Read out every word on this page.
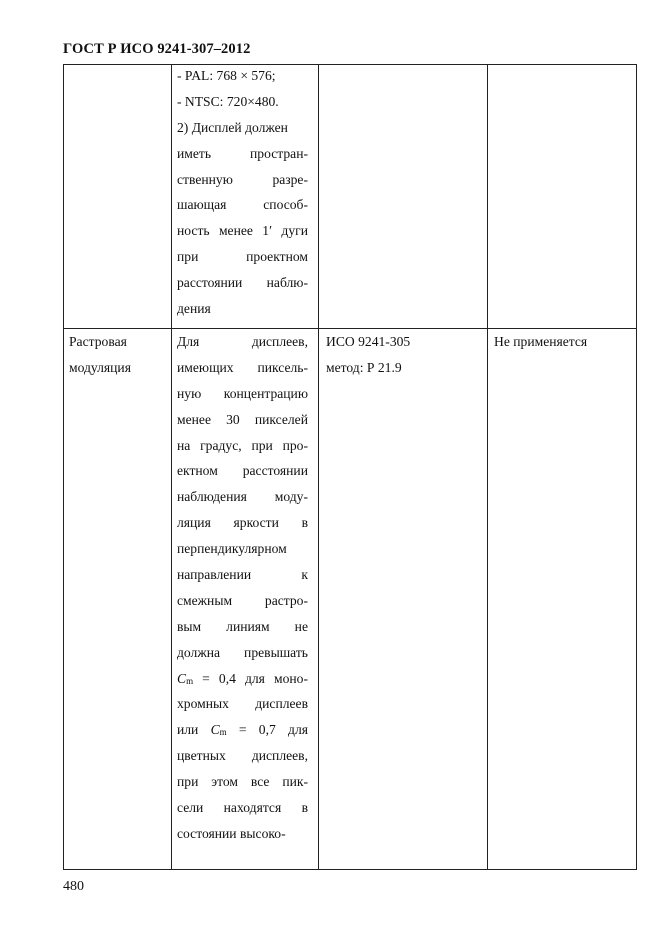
ГОСТ Р ИСО 9241-307–2012
- PAL: 768 × 576;
- NTSC: 720×480.
2) Дисплей должен
иметь	простран-
ственную	разре-
шающая способ-
ность менее 1′ дуги
при проектном
расстоянии наблю-
дения
Растровая
модуляция
Для дисплеев,
имеющих пиксель-
ную концентрацию
менее 30 пикселей
на градус, при про-
ектном расстоянии
наблюдения моду-
ляция яркости в
перпендикулярном
направлении к
смежным растро-
вым линиям не
должна превышать
Cm = 0,4 для моно-
хромных дисплеев
или Cm = 0,7 для
цветных дисплеев,
при этом все пик-
сели находятся в
состоянии высоко-
ИСО 9241-305
метод: Р 21.9
Не применяется
480
